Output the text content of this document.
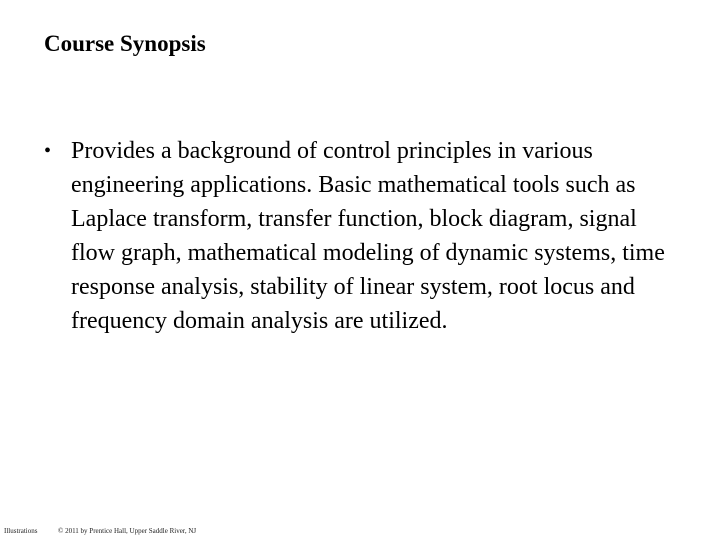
Course Synopsis
• Provides a background of control principles in various engineering applications. Basic mathematical tools such as Laplace transform, transfer function, block diagram, signal flow graph, mathematical modeling of dynamic systems, time response analysis, stability of linear system, root locus and frequency domain analysis are utilized.
Illustrations	© 2011 by Prentice Hall, Upper Saddle River, NJ
